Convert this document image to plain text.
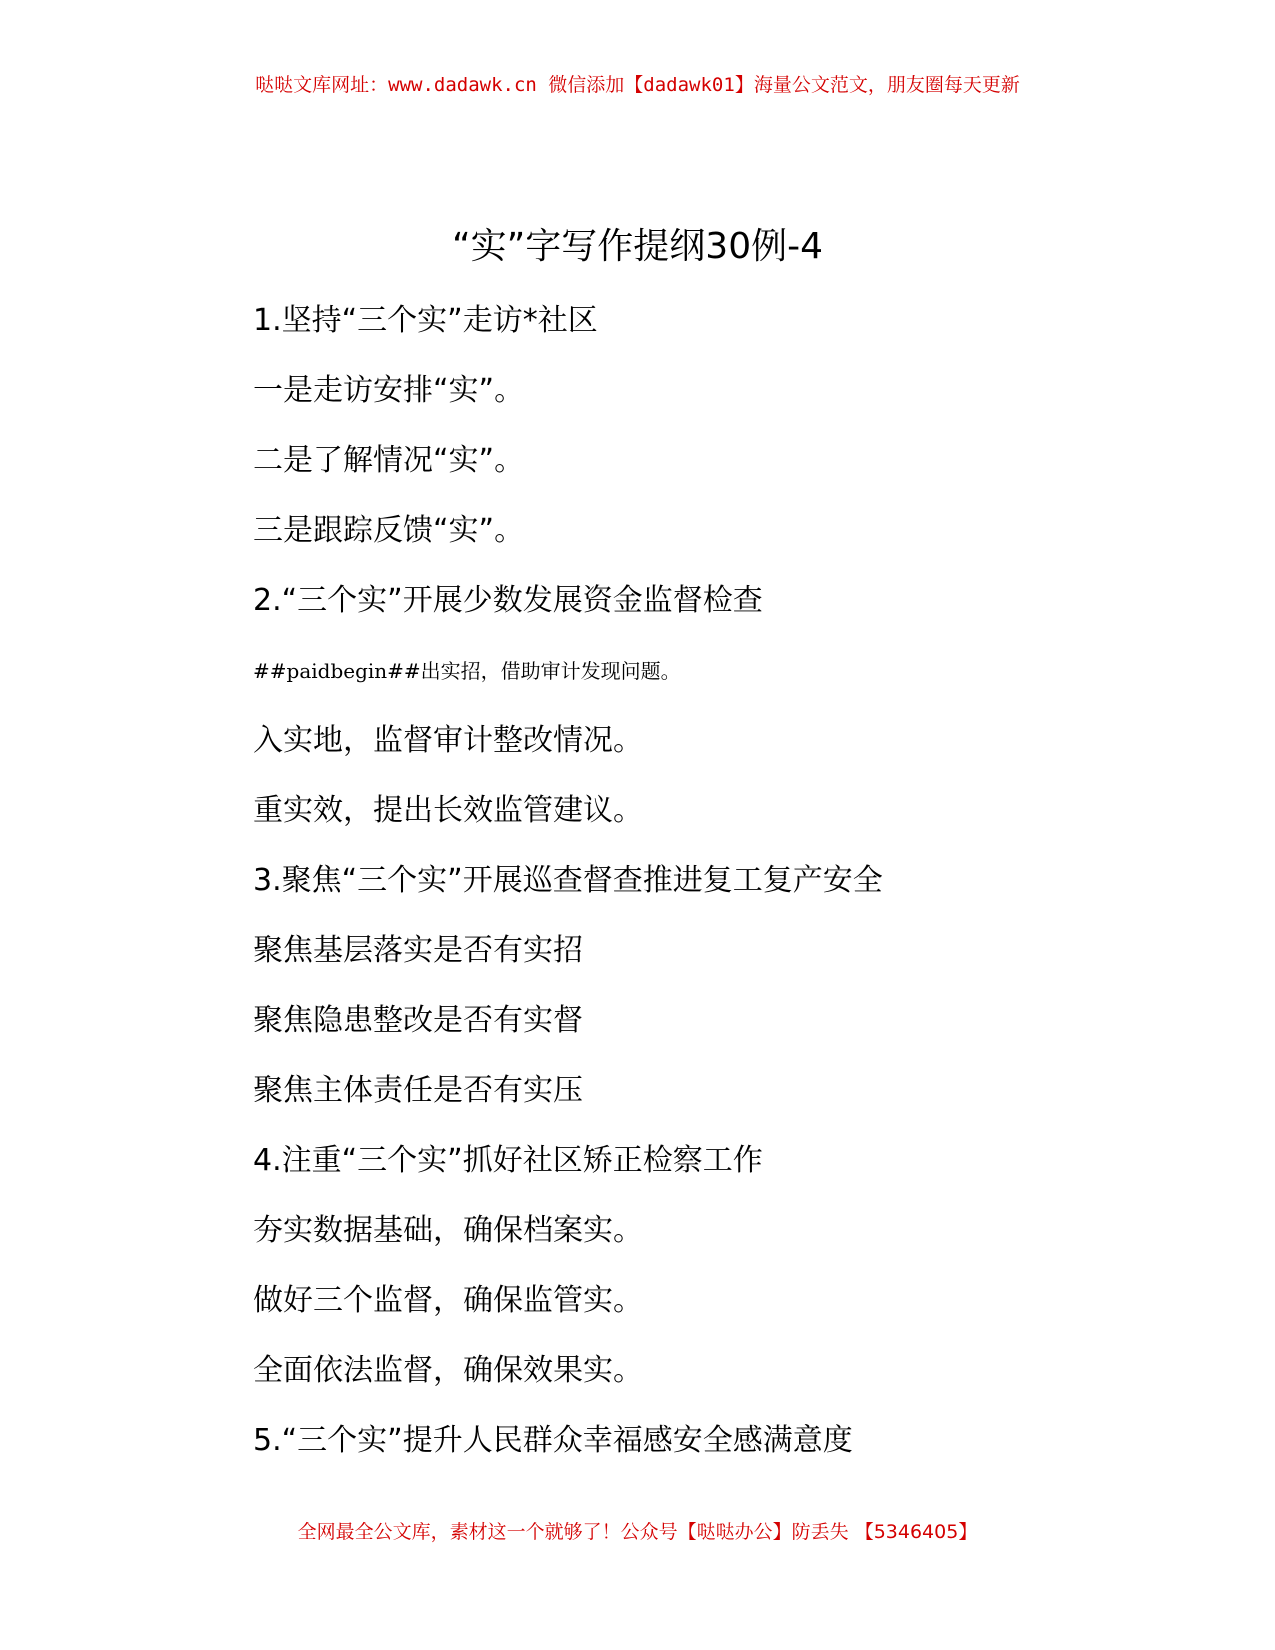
哒哒文库网址：www.dadawk.cn 微信添加【dadawk01】海量公文范文，朋友圈每天更新
“实”字写作提纲30例-4
1.坚持“三个实”走访*社区
一是走访安排“实”。
二是了解情况“实”。
三是跟踪反馈“实”。
2.“三个实”开展少数发展资金监督检查
##paidbegin##出实招，借助审计发现问题。
入实地，监督审计整改情况。
重实效，提出长效监管建议。
3.聚焦“三个实”开展巡查督查推进复工复产安全
聚焦基层落实是否有实招
聚焦隐患整改是否有实督
聚焦主体责任是否有实压
4.注重“三个实”抓好社区矫正检察工作
夯实数据基础，确保档案实。
做好三个监督，确保监管实。
全面依法监督，确保效果实。
5.“三个实”提升人民群众幸福感安全感满意度
全网最全公文库，素材这一个就够了！公众号【哒哒办公】防丢失 【5346405】
